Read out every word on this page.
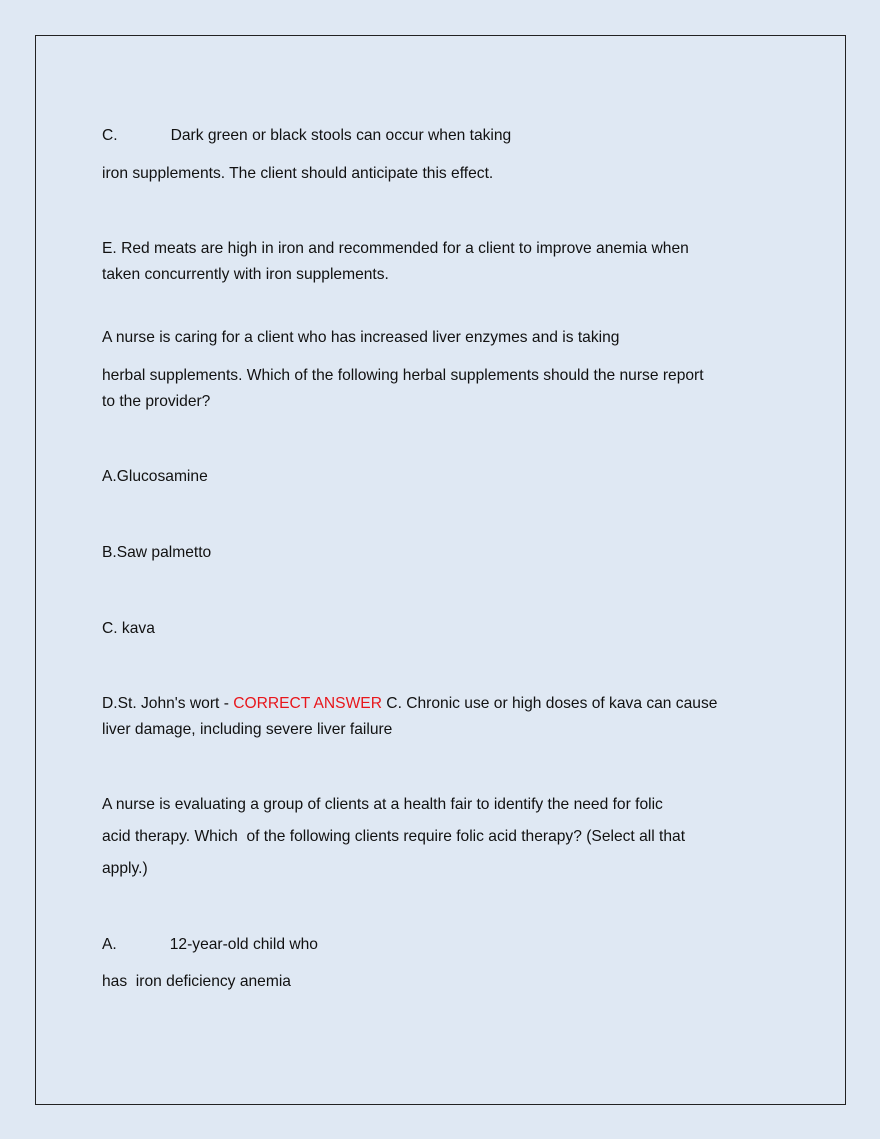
C.	Dark green or black stools can occur when taking
iron supplements. The client should anticipate this effect.
E. Red meats are high in iron and recommended for a client to improve anemia when
taken concurrently with iron supplements.
A nurse is caring for a client who has increased liver enzymes and is taking
herbal supplements. Which of the following herbal supplements should the nurse report
to the provider?
A.Glucosamine
B.Saw palmetto
C. kava
D.St. John's wort - CORRECT ANSWER C. Chronic use or high doses of kava can cause
liver damage, including severe liver failure
A nurse is evaluating a group of clients at a health fair to identify the need for folic
acid therapy. Which  of the following clients require folic acid therapy? (Select all that
apply.)
A.	12-year-old child who
has  iron deficiency anemia
